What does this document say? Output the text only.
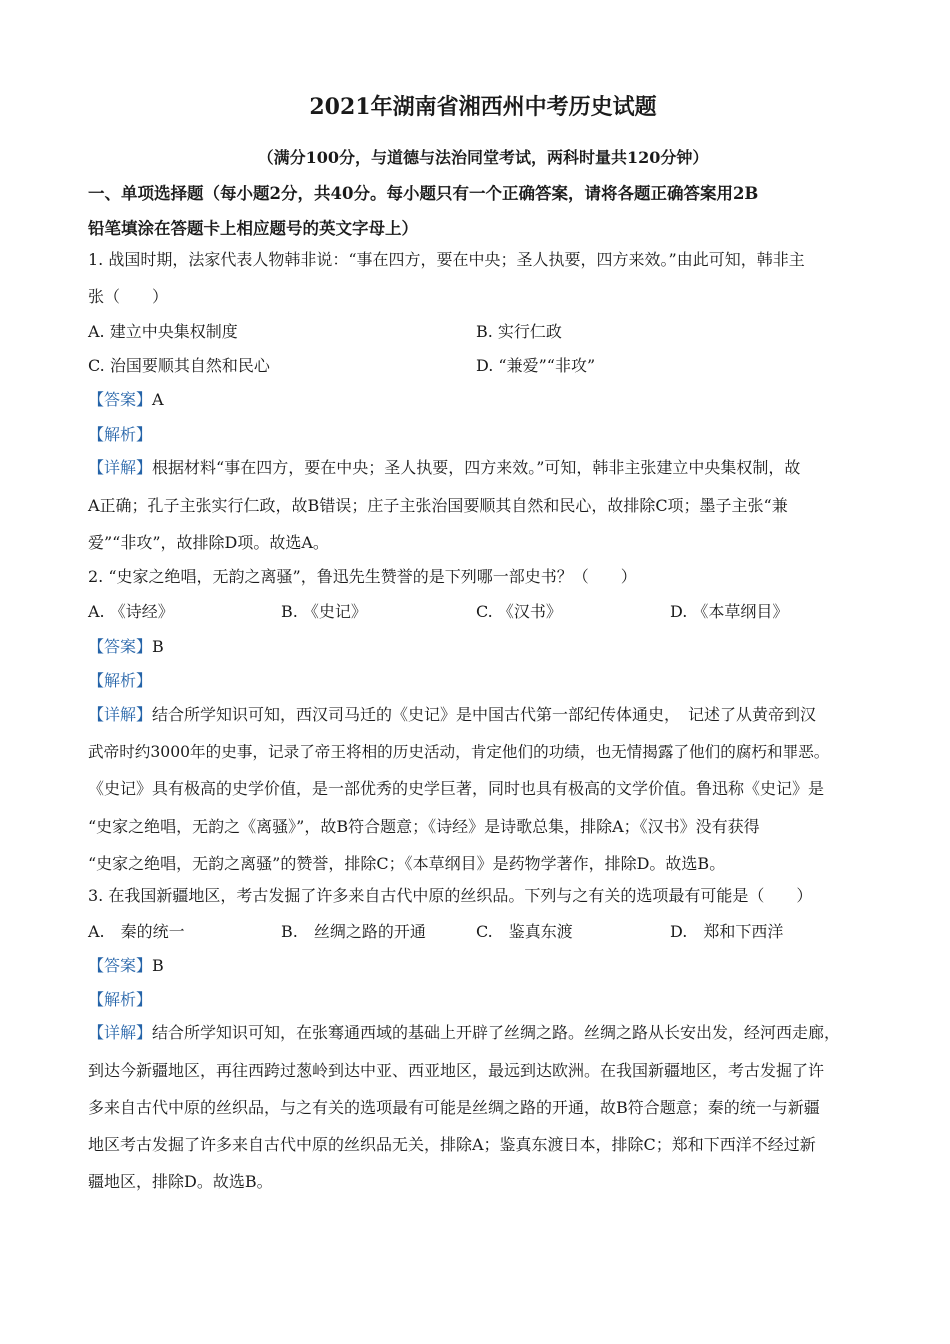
2021年湖南省湘西州中考历史试题
（满分100分，与道德与法治同堂考试，两科时量共120分钟）
一、单项选择题（每小题2分，共40分。每小题只有一个正确答案，请将各题正确答案用2B
铅笔填涂在答题卡上相应题号的英文字母上）
1. 战国时期，法家代表人物韩非说：“事在四方，要在中央；圣人执要，四方来效。”由此可知，韩非主
张（　　）
A. 建立中央集权制度	B. 实行仁政
C. 治国要顺其自然和民心	D. “兼爱”“非攻”
【答案】A
【解析】
【详解】根据材料“事在四方，要在中央；圣人执要，四方来效。”可知，韩非主张建立中央集权制，故
A正确；孔子主张实行仁政，故B错误；庄子主张治国要顺其自然和民心，故排除C项；墨子主张“兼
爱”“非攻”，故排除D项。故选A。
2. “史家之绝唱，无韵之离骚”，鲁迅先生赞誉的是下列哪一部史书？（　　）
A. 《诗经》	B. 《史记》	C. 《汉书》	D. 《本草纲目》
【答案】B
【解析】
【详解】结合所学知识可知，西汉司马迁的《史记》是中国古代第一部纪传体通史，　记述了从黄帝到汉
武帝时约3000年的史事，记录了帝王将相的历史活动，肯定他们的功绩，也无情揭露了他们的腐朽和罪恶。
《史记》具有极高的史学价值，是一部优秀的史学巨著，同时也具有极高的文学价值。鲁迅称《史记》是
“史家之绝唱，无韵之《离骚》”，故B符合题意；《诗经》是诗歌总集，排除A；《汉书》没有获得
“史家之绝唱，无韵之离骚”的赞誉，排除C；《本草纲目》是药物学著作，排除D。故选B。
3. 在我国新疆地区，考古发掘了许多来自古代中原的丝织品。下列与之有关的选项最有可能是（　　）
A.　秦的统一	B.　丝绸之路的开通	C.　鉴真东渡	D.　郑和下西洋
【答案】B
【解析】
【详解】结合所学知识可知，在张骞通西域的基础上开辟了丝绸之路。丝绸之路从长安出发，经河西走廊，
到达今新疆地区，再往西跨过葱岭到达中亚、西亚地区，最远到达欧洲。在我国新疆地区，考古发掘了许
多来自古代中原的丝织品，与之有关的选项最有可能是丝绸之路的开通，故B符合题意；秦的统一与新疆
地区考古发掘了许多来自古代中原的丝织品无关，排除A；鉴真东渡日本，排除C；郑和下西洋不经过新
疆地区，排除D。故选B。
